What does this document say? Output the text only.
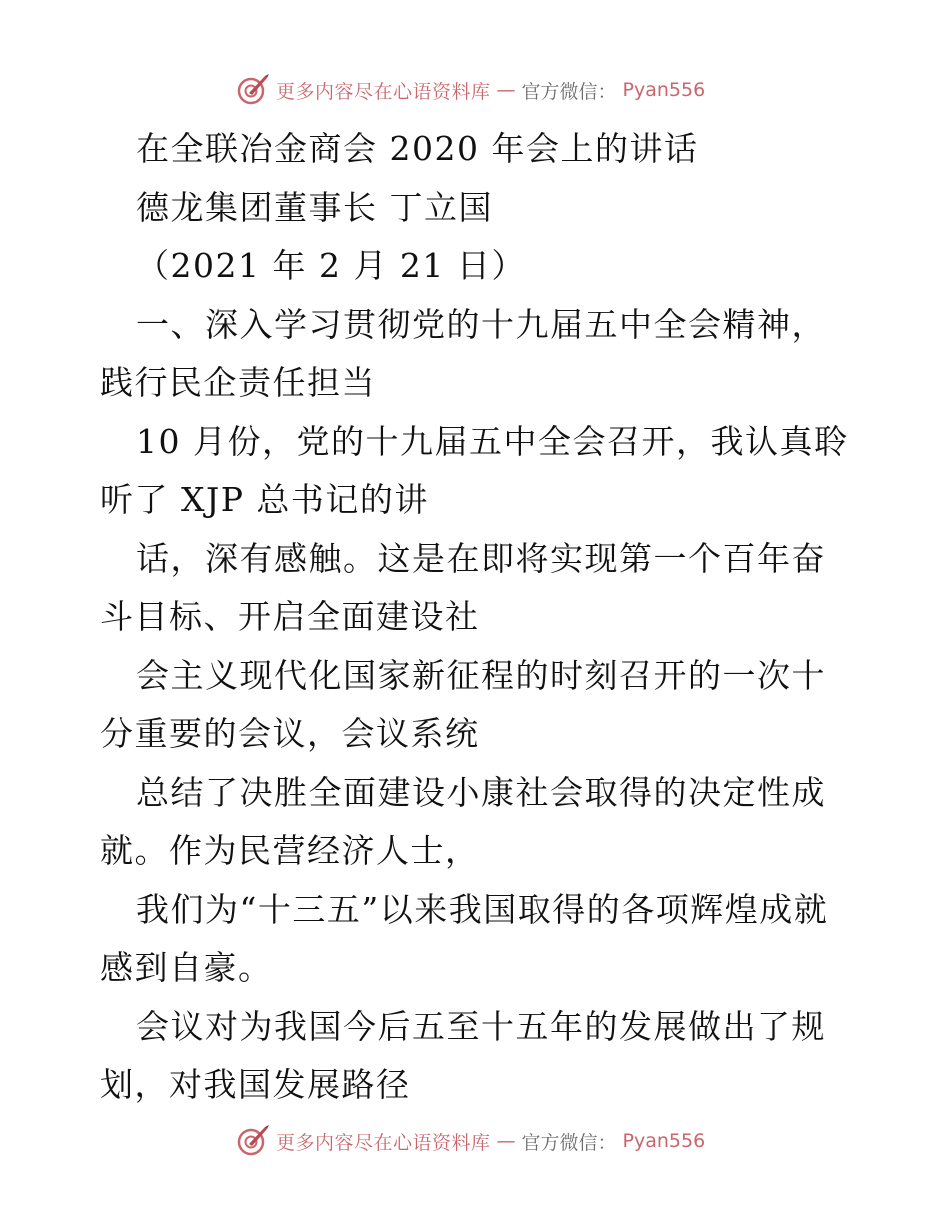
更多内容尽在心语资料库 — 官方微信： Pyan556

在全联冶金商会 2020 年会上的讲话

德龙集团董事长 丁立国

（2021 年 2 月 21 日）

一、深入学习贯彻党的十九届五中全会精神，践行民企责任担当

10 月份，党的十九届五中全会召开，我认真聆听了 XJP 总书记的讲

话，深有感触。这是在即将实现第一个百年奋斗目标、开启全面建设社

会主义现代化国家新征程的时刻召开的一次十分重要的会议，会议系统

总结了决胜全面建设小康社会取得的决定性成就。作为民营经济人士，

我们为“十三五”以来我国取得的各项辉煌成就感到自豪。

会议对为我国今后五至十五年的发展做出了规划，对我国发展路径

更多内容尽在心语资料库 — 官方微信： Pyan556
